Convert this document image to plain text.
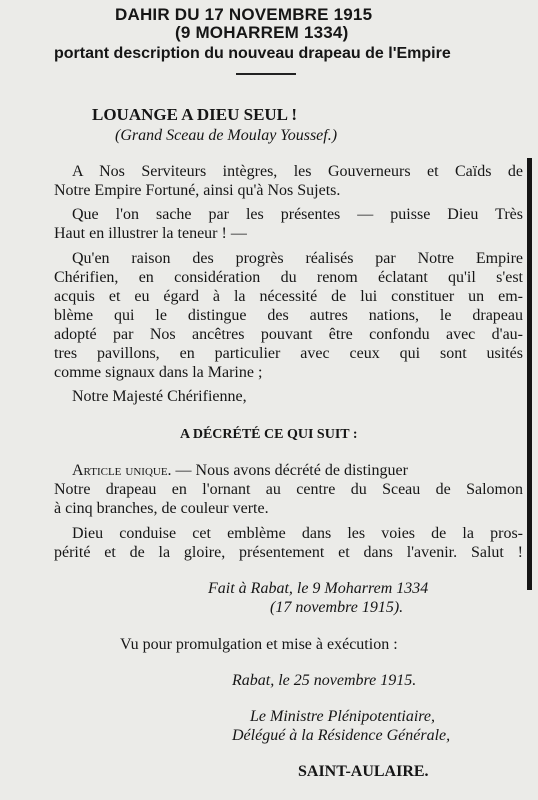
DAHIR DU 17 NOVEMBRE 1915
(9 MOHARREM 1334)
portant description du nouveau drapeau de l'Empire
LOUANGE A DIEU SEUL !
(Grand Sceau de Moulay Youssef.)
A Nos Serviteurs intègres, les Gouverneurs et Caïds de
Notre Empire Fortuné, ainsi qu'à Nos Sujets.
Que l'on sache par les présentes — puisse Dieu Très
Haut en illustrer la teneur ! —
Qu'en raison des progrès réalisés par Notre Empire
Chérifien, en considération du renom éclatant qu'il s'est
acquis et eu égard à la nécessité de lui constituer un em-
blème qui le distingue des autres nations, le drapeau
adopté par Nos ancêtres pouvant être confondu avec d'au-
tres pavillons, en particulier avec ceux qui sont usités
comme signaux dans la Marine ;
Notre Majesté Chérifienne,
A DÉCRÉTÉ CE QUI SUIT :
Article unique. — Nous avons décrété de distinguer
Notre drapeau en l'ornant au centre du Sceau de Salomon
à cinq branches, de couleur verte.
Dieu conduise cet emblème dans les voies de la pros-
périté et de la gloire, présentement et dans l'avenir. Salut !
Fait à Rabat, le 9 Moharrem 1334
(17 novembre 1915).
Vu pour promulgation et mise à exécution :
Rabat, le 25 novembre 1915.
Le Ministre Plénipotentiaire,
Délégué à la Résidence Générale,
SAINT-AULAIRE.
